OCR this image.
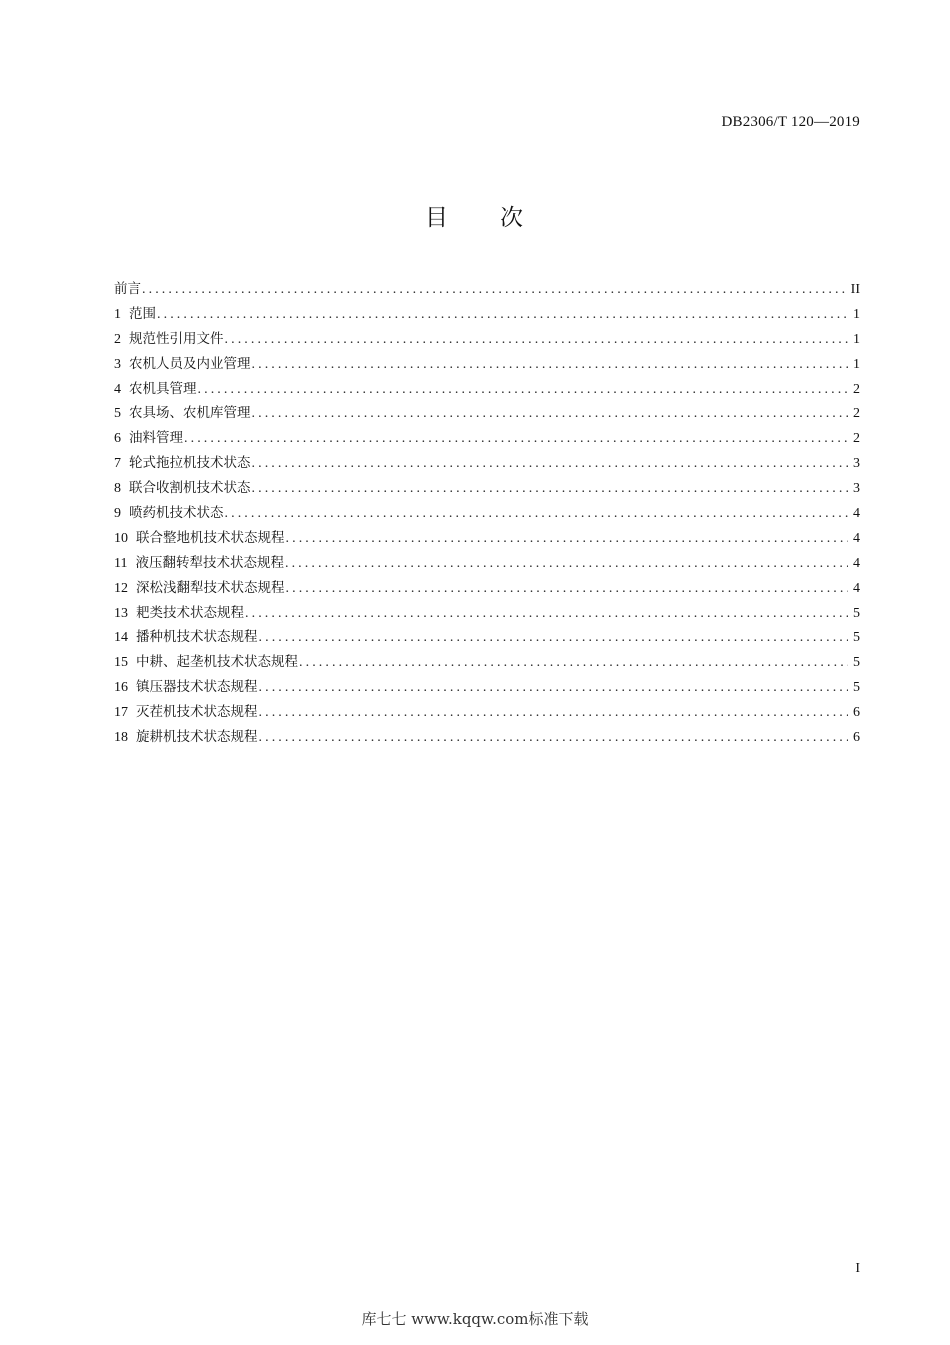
DB2306/T 120—2019
目 次
前言 .....	II
1 范围 .....	1
2 规范性引用文件 .....	1
3 农机人员及内业管理 .....	1
4 农机具管理 .....	2
5 农具场、农机库管理 .....	2
6 油料管理 .....	2
7 轮式拖拉机技术状态 .....	3
8 联合收割机技术状态 .....	3
9 喷药机技术状态 .....	4
10 联合整地机技术状态规程 .....	4
11 液压翻转犁技术状态规程 .....	4
12 深松浅翻犁技术状态规程 .....	4
13 耙类技术状态规程 .....	5
14 播种机技术状态规程 .....	5
15 中耕、起垄机技术状态规程 .....	5
16 镇压器技术状态规程 .....	5
17 灭茬机技术状态规程 .....	6
18 旋耕机技术状态规程 .....	6
I
库七七 www.kqqw.com标准下载
